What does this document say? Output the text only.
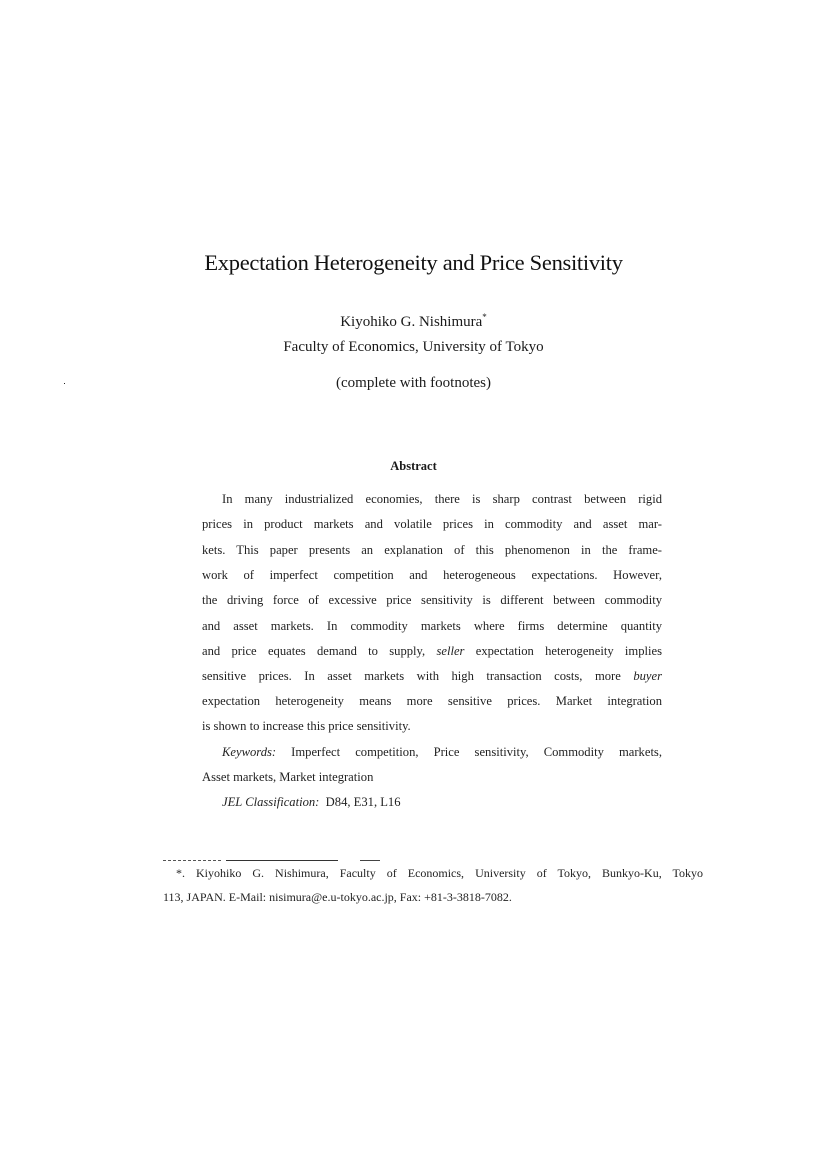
Expectation Heterogeneity and Price Sensitivity
Kiyohiko G. Nishimura*
Faculty of Economics, University of Tokyo
(complete with footnotes)
Abstract
In many industrialized economies, there is sharp contrast between rigid
prices in product markets and volatile prices in commodity and asset mar-
kets. This paper presents an explanation of this phenomenon in the frame-
work of imperfect competition and heterogeneous expectations. However,
the driving force of excessive price sensitivity is different between commodity
and asset markets. In commodity markets where firms determine quantity
and price equates demand to supply, seller expectation heterogeneity implies
sensitive prices. In asset markets with high transaction costs, more buyer
expectation heterogeneity means more sensitive prices. Market integration
is shown to increase this price sensitivity.
Keywords: Imperfect competition, Price sensitivity, Commodity markets,
Asset markets, Market integration
JEL Classification:  D84, E31, L16
*. Kiyohiko G. Nishimura, Faculty of Economics, University of Tokyo, Bunkyo-Ku, Tokyo
113, JAPAN. E-Mail: nisimura@e.u-tokyo.ac.jp, Fax: +81-3-3818-7082.
